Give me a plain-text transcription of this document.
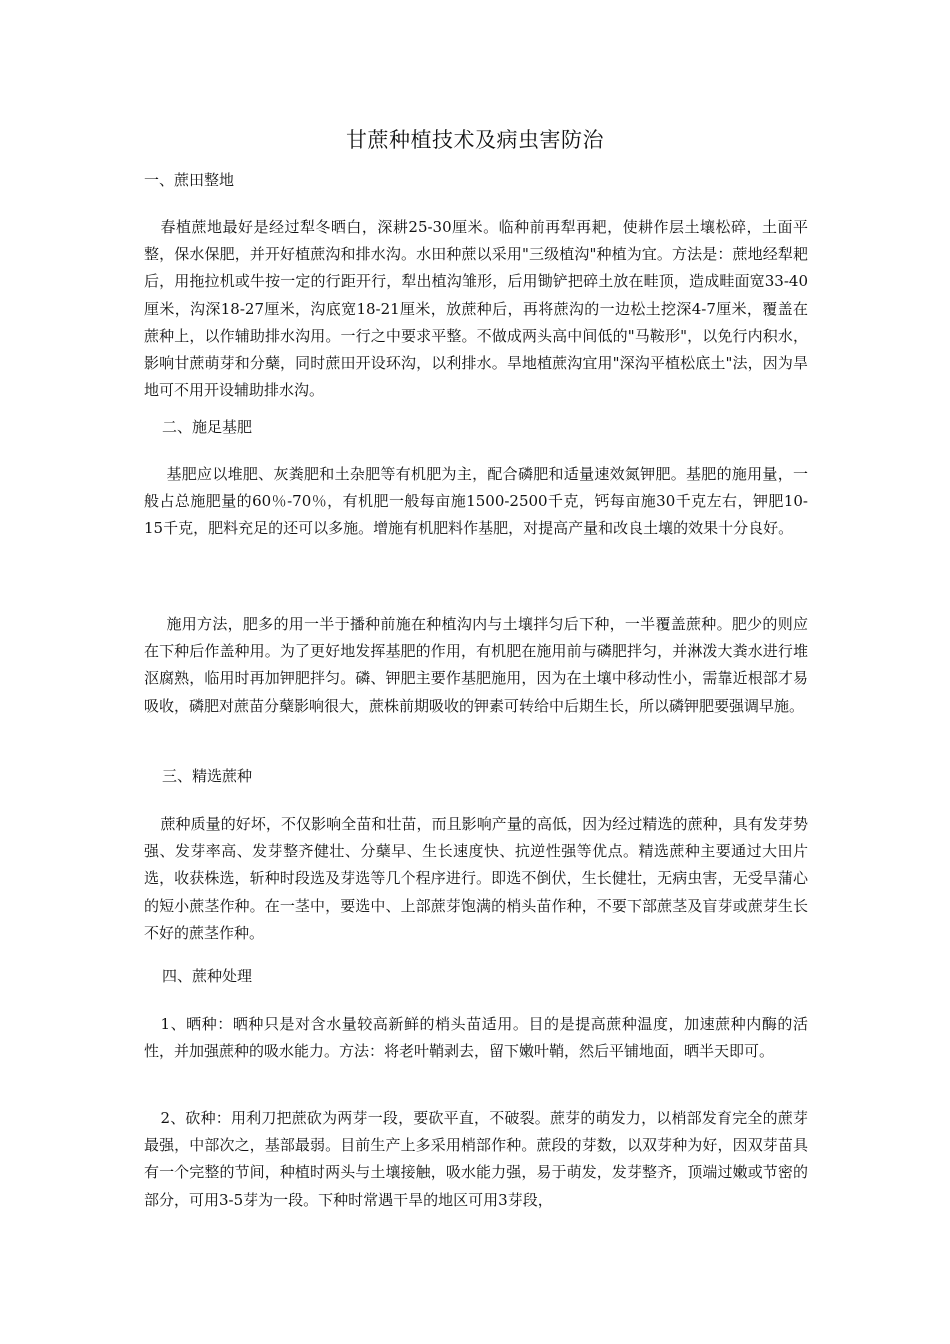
甘蔗种植技术及病虫害防治
一、蔗田整地
春植蔗地最好是经过犁冬晒白，深耕25-30厘米。临种前再犁再耙，使耕作层土壤松碎，土面平整，保水保肥，并开好植蔗沟和排水沟。水田种蔗以采用"三级植沟"种植为宜。方法是：蔗地经犁耙后，用拖拉机或牛按一定的行距开行，犁出植沟雏形，后用锄铲把碎土放在畦顶，造成畦面宽33-40厘米，沟深18-27厘米，沟底宽18-21厘米，放蔗种后，再将蔗沟的一边松土挖深4-7厘米，覆盖在蔗种上，以作辅助排水沟用。一行之中要求平整。不做成两头高中间低的"马鞍形"，以免行内积水，影响甘蔗萌芽和分蘖，同时蔗田开设环沟，以利排水。旱地植蔗沟宜用"深沟平植松底土"法，因为旱地可不用开设辅助排水沟。
二、施足基肥
基肥应以堆肥、灰粪肥和土杂肥等有机肥为主，配合磷肥和适量速效氮钾肥。基肥的施用量，一般占总施肥量的60％-70％，有机肥一般每亩施1500-2500千克，钙每亩施30千克左右，钾肥10-15千克，肥料充足的还可以多施。增施有机肥料作基肥，对提高产量和改良土壤的效果十分良好。
施用方法，肥多的用一半于播种前施在种植沟内与土壤拌匀后下种，一半覆盖蔗种。肥少的则应在下种后作盖种用。为了更好地发挥基肥的作用，有机肥在施用前与磷肥拌匀，并淋泼大粪水进行堆沤腐熟，临用时再加钾肥拌匀。磷、钾肥主要作基肥施用，因为在土壤中移动性小，需靠近根部才易吸收，磷肥对蔗苗分蘖影响很大，蔗株前期吸收的钾素可转给中后期生长，所以磷钾肥要强调早施。
三、精选蔗种
蔗种质量的好坏，不仅影响全苗和壮苗，而且影响产量的高低，因为经过精选的蔗种，具有发芽势强、发芽率高、发芽整齐健壮、分蘖早、生长速度快、抗逆性强等优点。精选蔗种主要通过大田片选，收获株选，斩种时段选及芽选等几个程序进行。即选不倒伏，生长健壮，无病虫害，无受旱蒲心的短小蔗茎作种。在一茎中，要选中、上部蔗芽饱满的梢头苗作种，不要下部蔗茎及盲芽或蔗芽生长不好的蔗茎作种。
四、蔗种处理
1、晒种：晒种只是对含水量较高新鲜的梢头苗适用。目的是提高蔗种温度，加速蔗种内酶的活性，并加强蔗种的吸水能力。方法：将老叶鞘剥去，留下嫩叶鞘，然后平铺地面，晒半天即可。
2、砍种：用利刀把蔗砍为两芽一段，要砍平直，不破裂。蔗芽的萌发力，以梢部发育完全的蔗芽最强，中部次之，基部最弱。目前生产上多采用梢部作种。蔗段的芽数，以双芽种为好，因双芽苗具有一个完整的节间，种植时两头与土壤接触，吸水能力强，易于萌发，发芽整齐，顶端过嫩或节密的部分，可用3-5芽为一段。下种时常遇干旱的地区可用3芽段，
